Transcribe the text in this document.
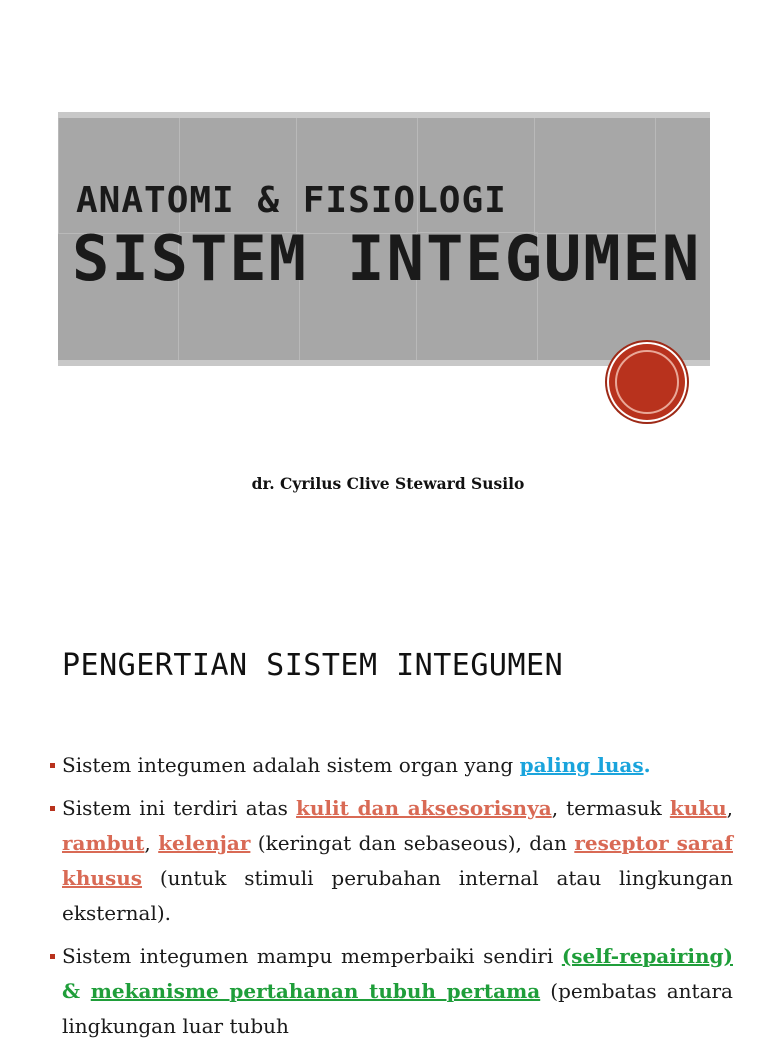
ANATOMI & FISIOLOGI
SISTEM INTEGUMEN
dr. Cyrilus Clive Steward Susilo
PENGERTIAN SISTEM INTEGUMEN
Sistem integumen adalah sistem organ yang paling luas.
Sistem ini terdiri atas kulit dan aksesorisnya, termasuk kuku, rambut, kelenjar (keringat dan sebaseous), dan reseptor saraf khusus (untuk stimuli perubahan internal atau lingkungan eksternal).
Sistem integumen mampu memperbaiki sendiri (self-repairing) & mekanisme pertahanan tubuh pertama (pembatas antara lingkungan luar tubuh
